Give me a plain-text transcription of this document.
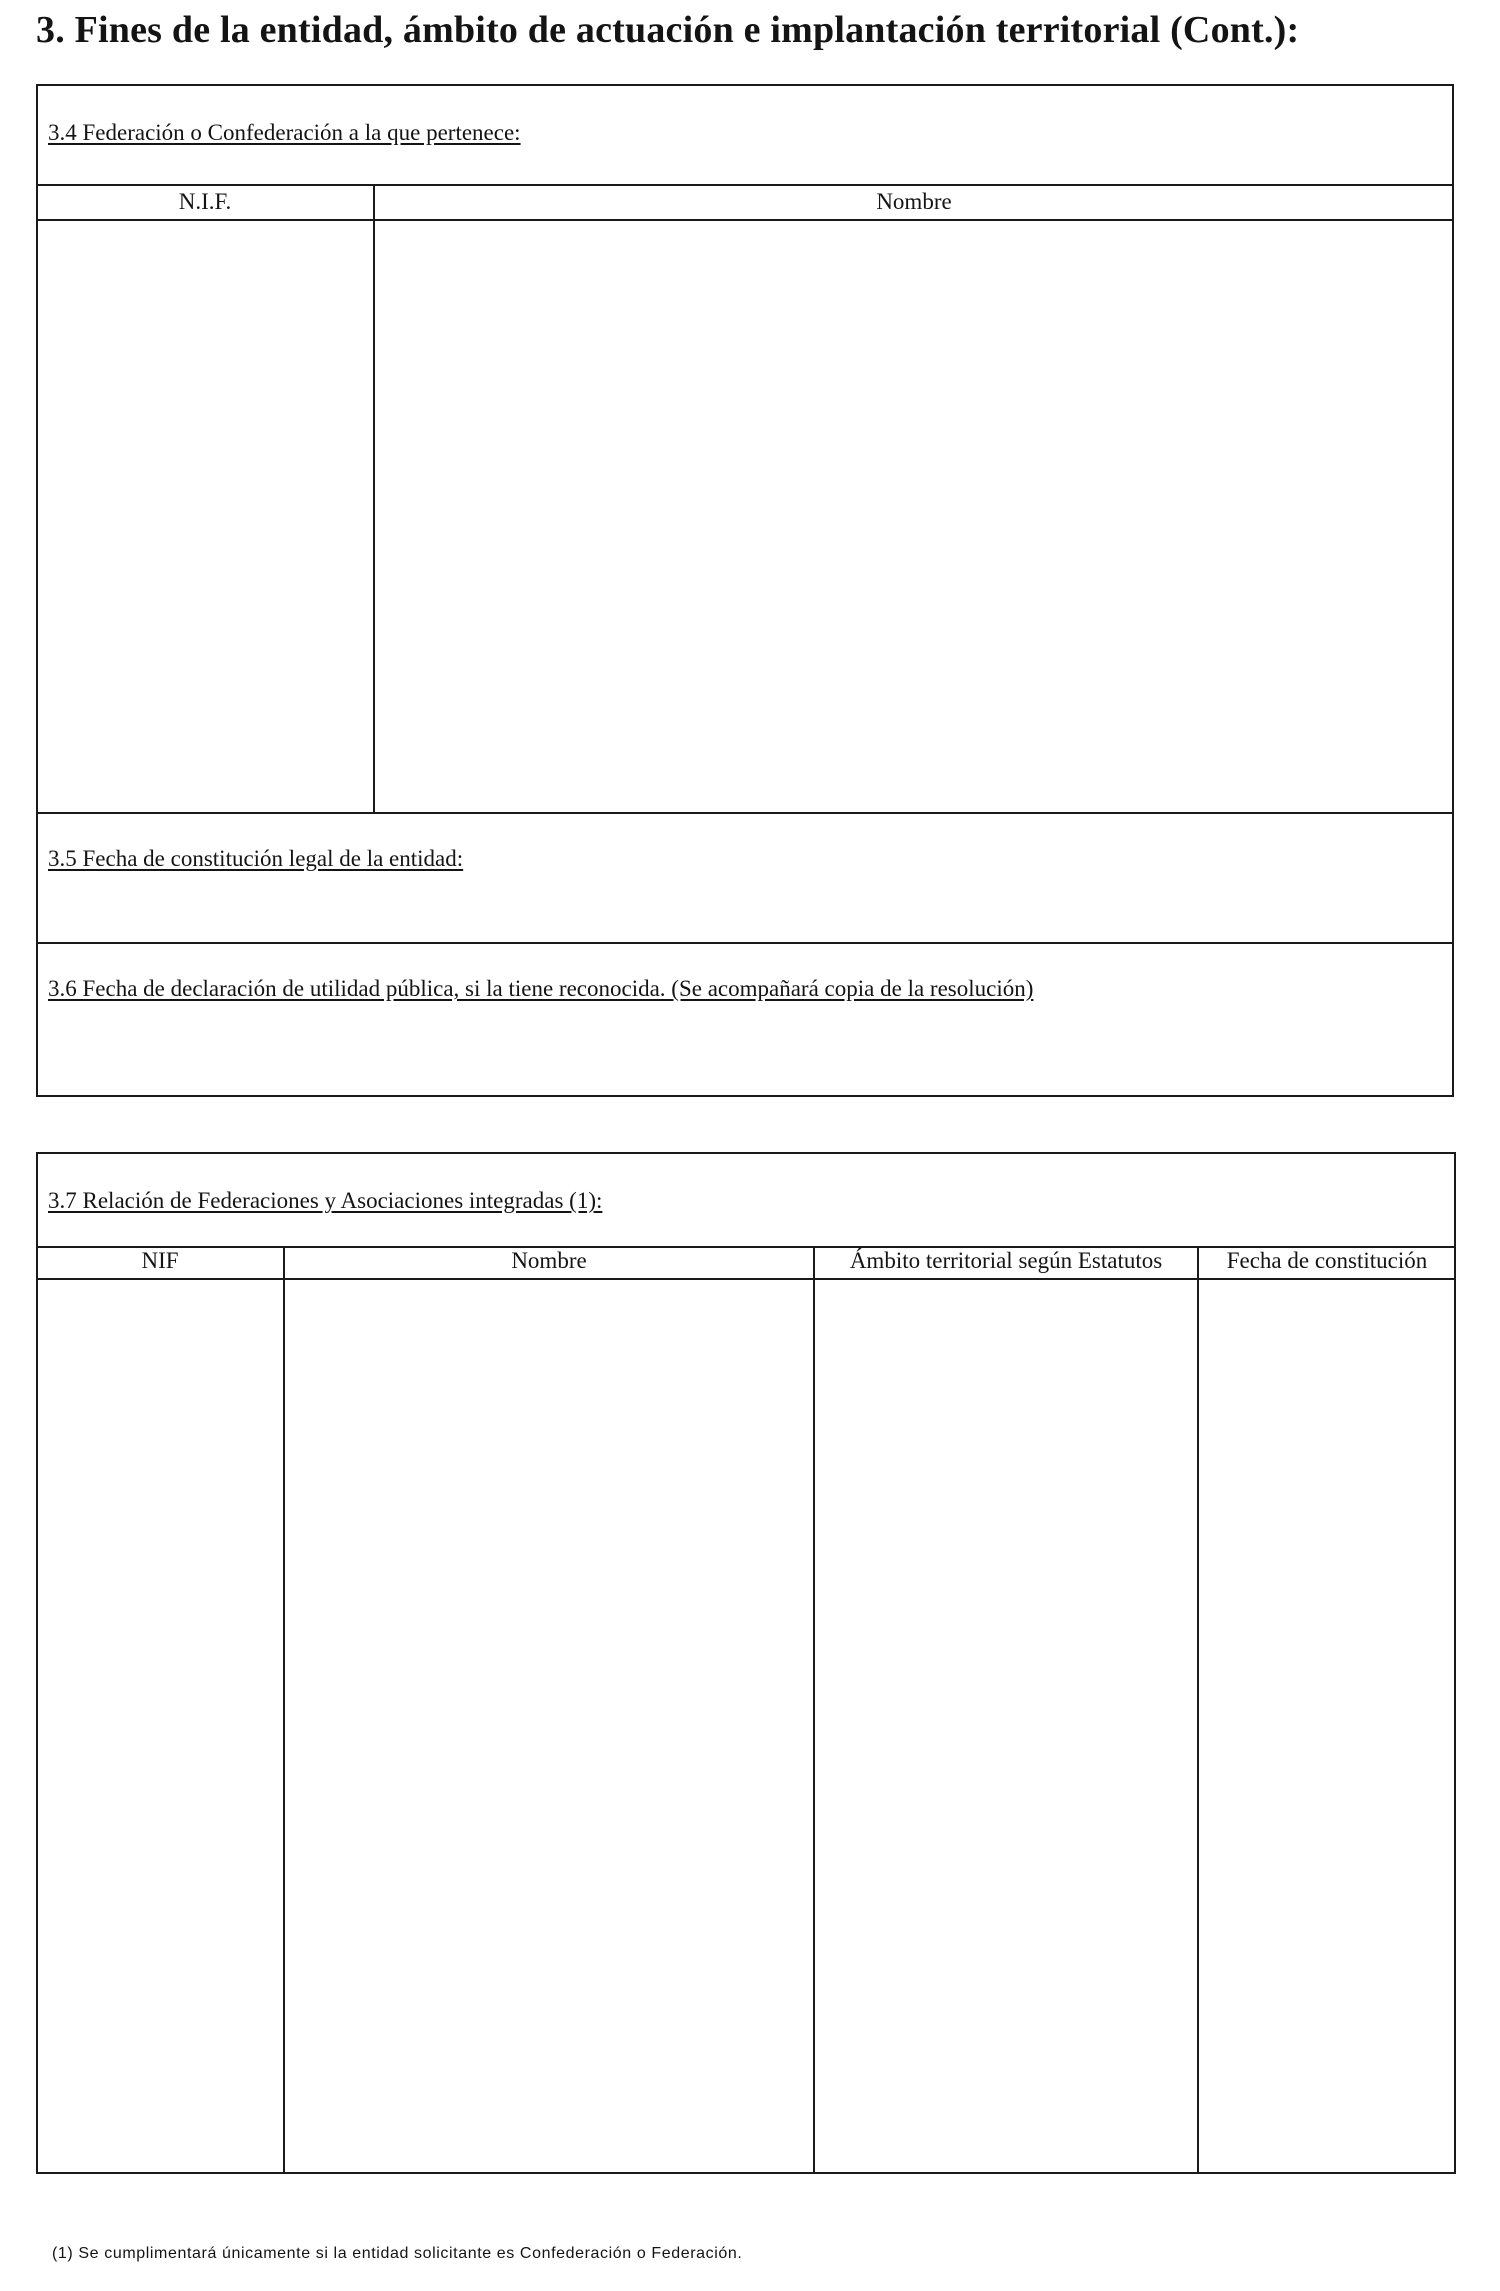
3. Fines de la entidad, ámbito de actuación e implantación territorial (Cont.):
3.4 Federación o Confederación a la que pertenece:
N.I.F.	Nombre
3.5 Fecha de constitución legal de la entidad:
3.6 Fecha de declaración de utilidad pública, si la tiene reconocida. (Se acompañará copia de la resolución)
3.7 Relación de Federaciones y Asociaciones integradas (1):
NIF	Nombre	Ámbito territorial según Estatutos	Fecha de constitución
(1) Se cumplimentará únicamente si la entidad solicitante es Confederación o Federación.
